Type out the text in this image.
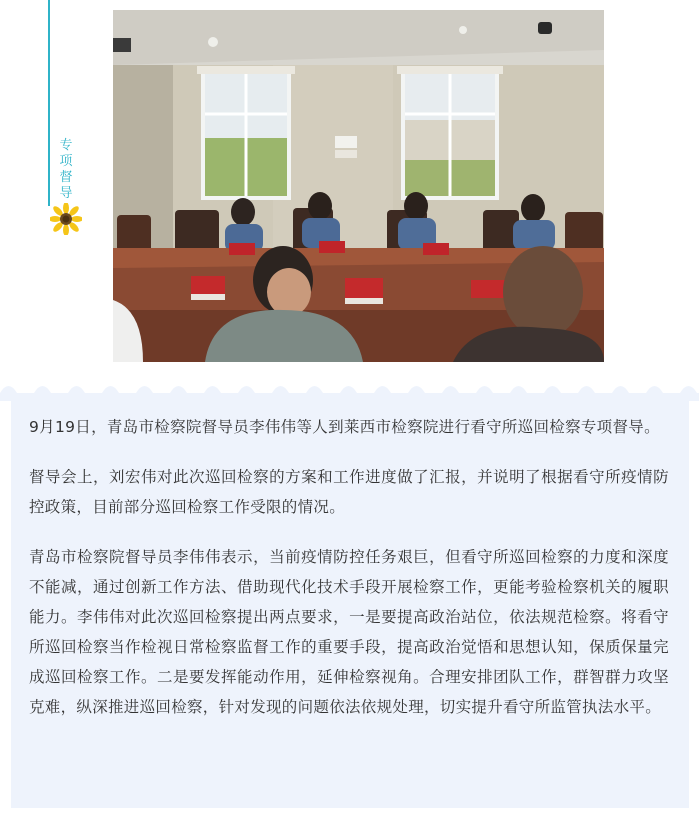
专项督导

9月19日，青岛市检察院督导员李伟伟等人到莱西市检察院进行看守所巡回检察专项督导。

督导会上，刘宏伟对此次巡回检察的方案和工作进度做了汇报，并说明了根据看守所疫情防控政策，目前部分巡回检察工作受限的情况。

青岛市检察院督导员李伟伟表示，当前疫情防控任务艰巨，但看守所巡回检察的力度和深度不能减，通过创新工作方法、借助现代化技术手段开展检察工作，更能考验检察机关的履职能力。李伟伟对此次巡回检察提出两点要求，一是要提高政治站位，依法规范检察。将看守所巡回检察当作检视日常检察监督工作的重要手段，提高政治觉悟和思想认知，保质保量完成巡回检察工作。二是要发挥能动作用，延伸检察视角。合理安排团队工作，群智群力攻坚克难，纵深推进巡回检察，针对发现的问题依法依规处理，切实提升看守所监管执法水平。
